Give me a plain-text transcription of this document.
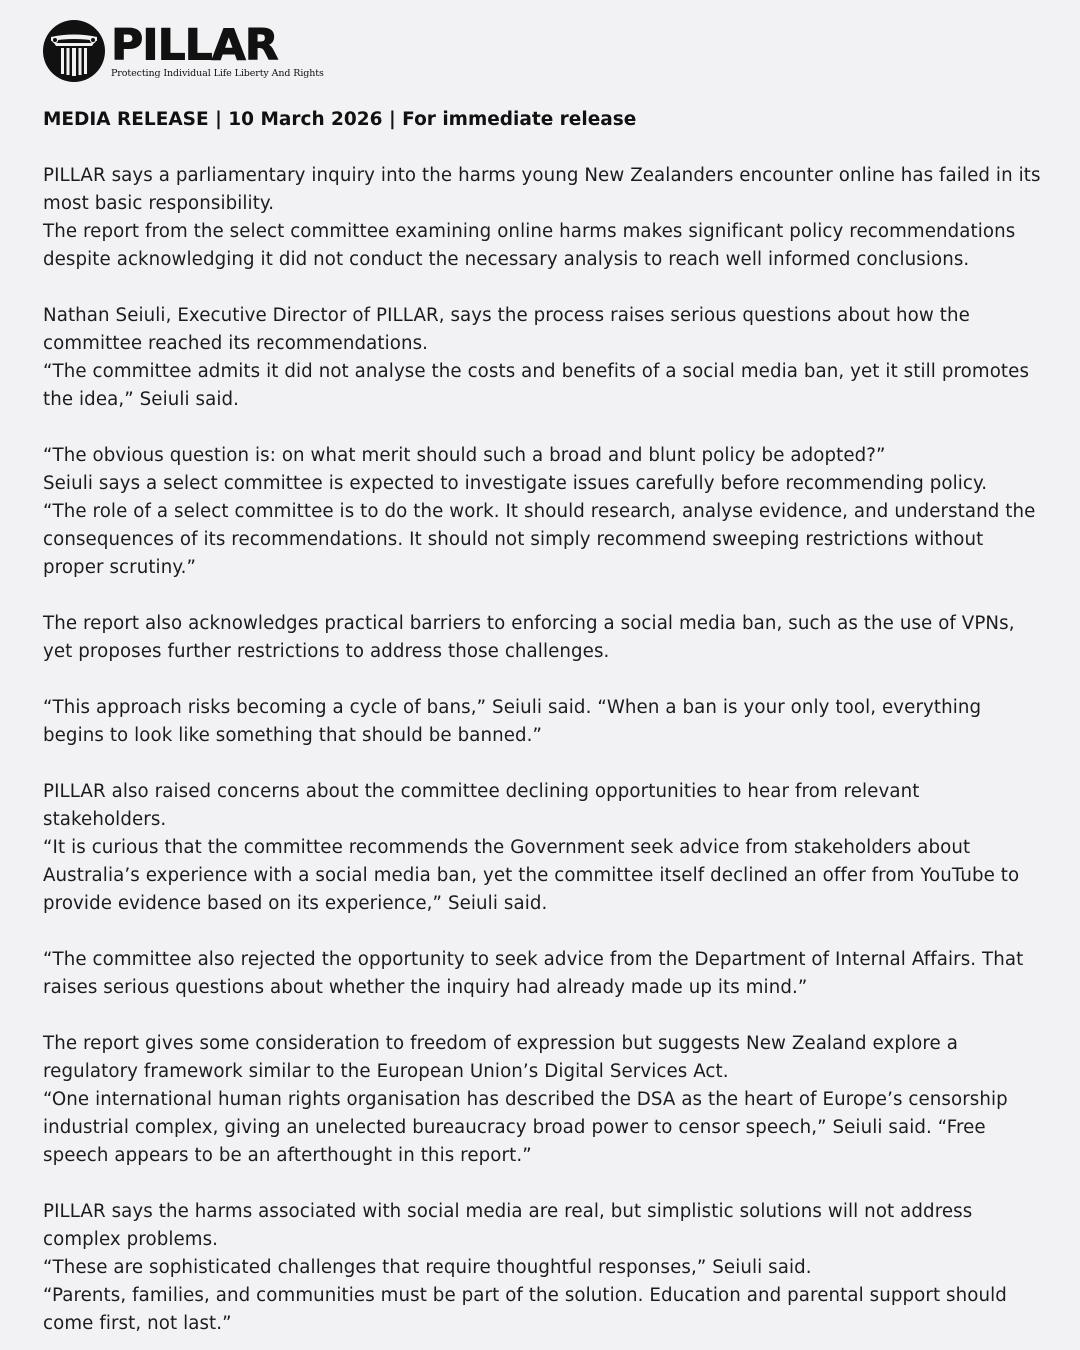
PILLAR
Protecting Individual Life Liberty And Rights
MEDIA RELEASE | 10 March 2026 | For immediate release
PILLAR says a parliamentary inquiry into the harms young New Zealanders encounter online has failed in its most basic responsibility.
The report from the select committee examining online harms makes significant policy recommendations despite acknowledging it did not conduct the necessary analysis to reach well informed conclusions.
Nathan Seiuli, Executive Director of PILLAR, says the process raises serious questions about how the committee reached its recommendations.
“The committee admits it did not analyse the costs and benefits of a social media ban, yet it still promotes the idea,” Seiuli said.
“The obvious question is: on what merit should such a broad and blunt policy be adopted?”
Seiuli says a select committee is expected to investigate issues carefully before recommending policy.
“The role of a select committee is to do the work. It should research, analyse evidence, and understand the consequences of its recommendations. It should not simply recommend sweeping restrictions without proper scrutiny.”
The report also acknowledges practical barriers to enforcing a social media ban, such as the use of VPNs, yet proposes further restrictions to address those challenges.
“This approach risks becoming a cycle of bans,” Seiuli said. “When a ban is your only tool, everything begins to look like something that should be banned.”
PILLAR also raised concerns about the committee declining opportunities to hear from relevant stakeholders.
“It is curious that the committee recommends the Government seek advice from stakeholders about Australia’s experience with a social media ban, yet the committee itself declined an offer from YouTube to provide evidence based on its experience,” Seiuli said.
“The committee also rejected the opportunity to seek advice from the Department of Internal Affairs. That raises serious questions about whether the inquiry had already made up its mind.”
The report gives some consideration to freedom of expression but suggests New Zealand explore a regulatory framework similar to the European Union’s Digital Services Act.
“One international human rights organisation has described the DSA as the heart of Europe’s censorship industrial complex, giving an unelected bureaucracy broad power to censor speech,” Seiuli said. “Free speech appears to be an afterthought in this report.”
PILLAR says the harms associated with social media are real, but simplistic solutions will not address complex problems.
“These are sophisticated challenges that require thoughtful responses,” Seiuli said.
“Parents, families, and communities must be part of the solution. Education and parental support should come first, not last.”
